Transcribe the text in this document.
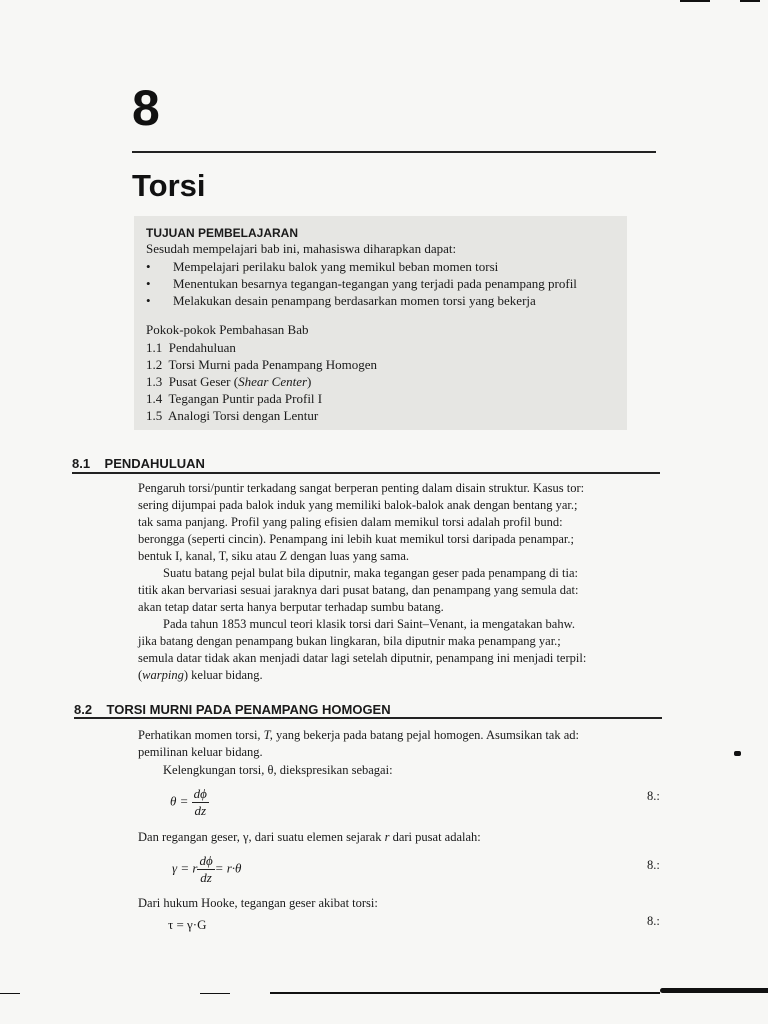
8
Torsi
TUJUAN PEMBELAJARAN
Sesudah mempelajari bab ini, mahasiswa diharapkan dapat:
• Mempelajari perilaku balok yang memikul beban momen torsi
• Menentukan besarnya tegangan-tegangan yang terjadi pada penampang profil
• Melakukan desain penampang berdasarkan momen torsi yang bekerja
Pokok-pokok Pembahasan Bab
1.1 Pendahuluan
1.2 Torsi Murni pada Penampang Homogen
1.3 Pusat Geser (Shear Center)
1.4 Tegangan Puntir pada Profil I
1.5 Analogi Torsi dengan Lentur
8.1 PENDAHULUAN
Pengaruh torsi/puntir terkadang sangat berperan penting dalam disain struktur. Kasus tor:
sering dijumpai pada balok induk yang memiliki balok-balok anak dengan bentang yar.;
tak sama panjang. Profil yang paling efisien dalam memikul torsi adalah profil bund:
berongga (seperti cincin). Penampang ini lebih kuat memikul torsi daripada penampar.;
bentuk I, kanal, T, siku atau Z dengan luas yang sama.
Suatu batang pejal bulat bila diputnir, maka tegangan geser pada penampang di tia:
titik akan bervariasi sesuai jaraknya dari pusat batang, dan penampang yang semula dat:
akan tetap datar serta hanya berputar terhadap sumbu batang.
Pada tahun 1853 muncul teori klasik torsi dari Saint–Venant, ia mengatakan bahw.
jika batang dengan penampang bukan lingkaran, bila diputnir maka penampang yar.;
semula datar tidak akan menjadi datar lagi setelah diputnir, penampang ini menjadi terpil:
(warping) keluar bidang.
8.2 TORSI MURNI PADA PENAMPANG HOMOGEN
Perhatikan momen torsi, T, yang bekerja pada batang pejal homogen. Asumsikan tak ad:
pemilinan keluar bidang.
Kelengkungan torsi, θ, diekspresikan sebagai:
$\theta = \frac{d\phi}{dz}$	8.:
Dan regangan geser, γ, dari suatu elemen sejarak r dari pusat adalah:
γ = r $\frac{d\phi}{dz} = r\cdot\theta$	8.:
Dari hukum Hooke, tegangan geser akibat torsi:
τ = γ·G	8.:
